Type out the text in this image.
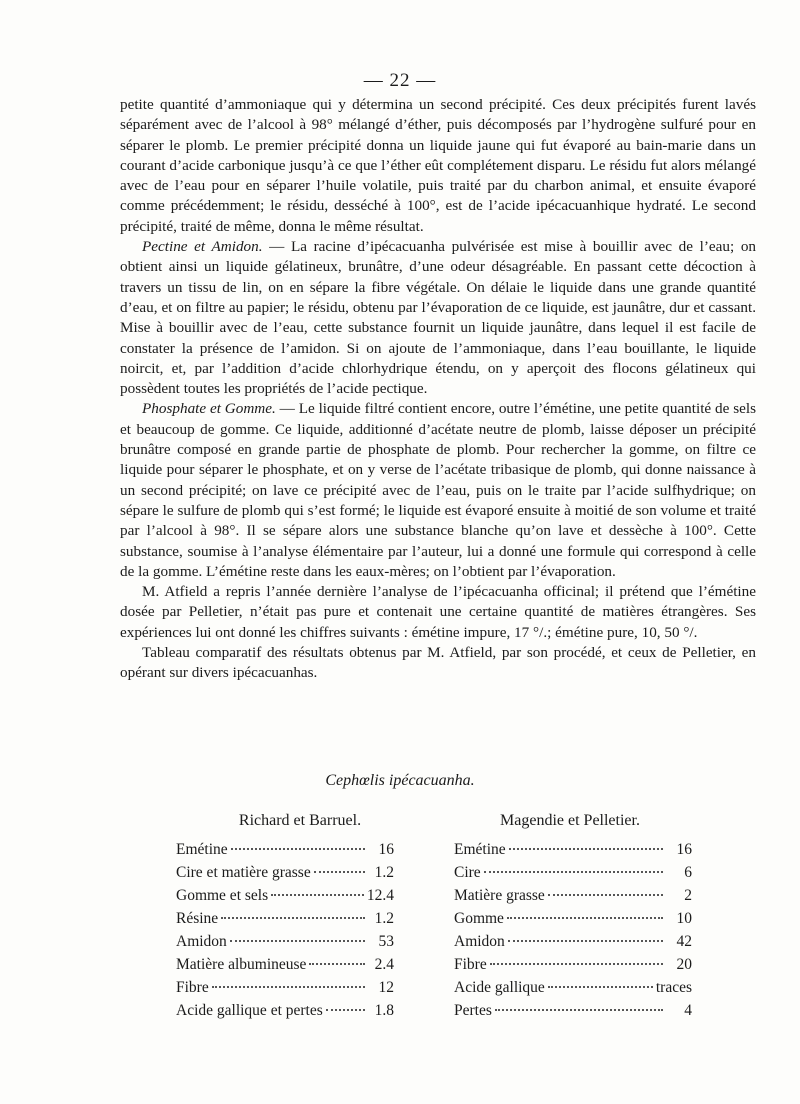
— 22 —

petite quantité d’ammoniaque qui y détermina un second précipité. Ces deux précipités furent lavés séparément avec de l’alcool à 98° mélangé d’éther, puis décomposés par l’hydrogène sulfuré pour en séparer le plomb. Le premier précipité donna un liquide jaune qui fut évaporé au bain-marie dans un courant d’acide carbonique jusqu’à ce que l’éther eût complétement disparu. Le résidu fut alors mélangé avec de l’eau pour en séparer l’huile volatile, puis traité par du charbon animal, et ensuite évaporé comme précédemment; le résidu, desséché à 100°, est de l’acide ipécacuanhique hydraté. Le second précipité, traité de même, donna le même résultat.

Pectine et Amidon. — La racine d’ipécacuanha pulvérisée est mise à bouillir avec de l’eau; on obtient ainsi un liquide gélatineux, brunâtre, d’une odeur désagréable. En passant cette décoction à travers un tissu de lin, on en sépare la fibre végétale. On délaie le liquide dans une grande quantité d’eau, et on filtre au papier; le résidu, obtenu par l’évaporation de ce liquide, est jaunâtre, dur et cassant. Mise à bouillir avec de l’eau, cette substance fournit un liquide jaunâtre, dans lequel il est facile de constater la présence de l’amidon. Si on ajoute de l’ammoniaque, dans l’eau bouillante, le liquide noircit, et, par l’addition d’acide chlorhydrique étendu, on y aperçoit des flocons gélatineux qui possèdent toutes les propriétés de l’acide pectique.

Phosphate et Gomme. — Le liquide filtré contient encore, outre l’émétine, une petite quantité de sels et beaucoup de gomme. Ce liquide, additionné d’acétate neutre de plomb, laisse déposer un précipité brunâtre composé en grande partie de phosphate de plomb. Pour rechercher la gomme, on filtre ce liquide pour séparer le phosphate, et on y verse de l’acétate tribasique de plomb, qui donne naissance à un second précipité; on lave ce précipité avec de l’eau, puis on le traite par l’acide sulfhydrique; on sépare le sulfure de plomb qui s’est formé; le liquide est évaporé ensuite à moitié de son volume et traité par l’alcool à 98°. Il se sépare alors une substance blanche qu’on lave et dessèche à 100°. Cette substance, soumise à l’analyse élémentaire par l’auteur, lui a donné une formule qui correspond à celle de la gomme. L’émétine reste dans les eaux-mères; on l’obtient par l’évaporation.

M. Atfield a repris l’année dernière l’analyse de l’ipécacuanha officinal; il prétend que l’émétine dosée par Pelletier, n’était pas pure et contenait une certaine quantité de matières étrangères. Ses expériences lui ont donné les chiffres suivants : émétine impure, 17 °/.; émétine pure, 10, 50 °/.

Tableau comparatif des résultats obtenus par M. Atfield, par son procédé, et ceux de Pelletier, en opérant sur divers ipécacuanhas.

Cephœlis ipécacuanha.
Richard et Barruel.	Magendie et Pelletier.
Emétine	16
Cire et matière grasse	1.2
Gomme et sels	12.4
Résine	1.2
Amidon	53
Matière albumineuse	2.4
Fibre	12
Acide gallique et pertes	1.8
Emétine	16
Cire	6
Matière grasse	2
Gomme	10
Amidon	42
Fibre	20
Acide gallique	traces
Pertes	4
